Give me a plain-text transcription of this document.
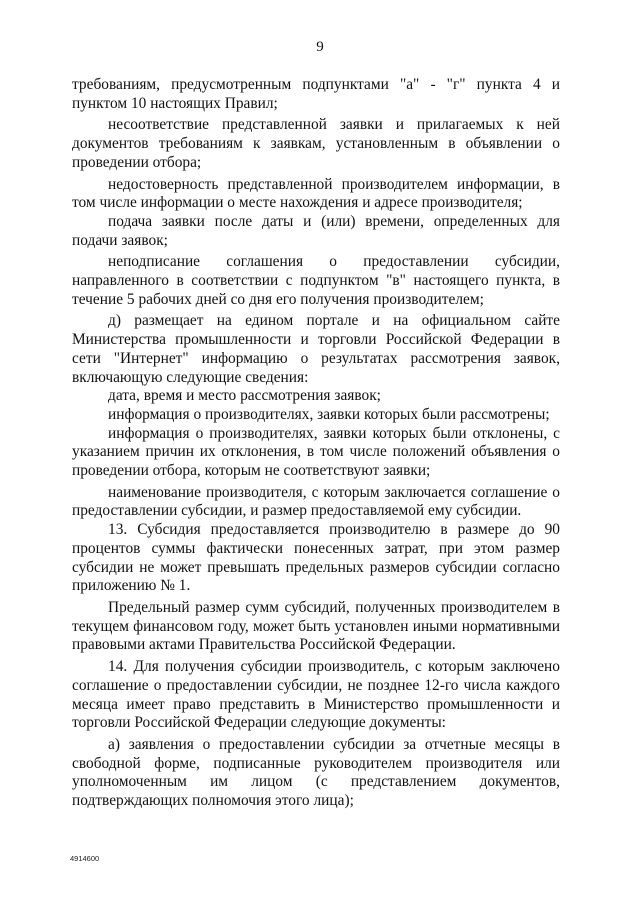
9

требованиям, предусмотренным подпунктами "а" - "г" пункта 4 и пунктом 10 настоящих Правил;

несоответствие представленной заявки и прилагаемых к ней документов требованиям к заявкам, установленным в объявлении о проведении отбора;

недостоверность представленной производителем информации, в том числе информации о месте нахождения и адресе производителя;

подача заявки после даты и (или) времени, определенных для подачи заявок;

неподписание соглашения о предоставлении субсидии, направленного в соответствии с подпунктом "в" настоящего пункта, в течение 5 рабочих дней со дня его получения производителем;

д) размещает на едином портале и на официальном сайте Министерства промышленности и торговли Российской Федерации в сети "Интернет" информацию о результатах рассмотрения заявок, включающую следующие сведения:

дата, время и место рассмотрения заявок;

информация о производителях, заявки которых были рассмотрены;

информация о производителях, заявки которых были отклонены, с указанием причин их отклонения, в том числе положений объявления о проведении отбора, которым не соответствуют заявки;

наименование производителя, с которым заключается соглашение о предоставлении субсидии, и размер предоставляемой ему субсидии.

13. Субсидия предоставляется производителю в размере до 90 процентов суммы фактически понесенных затрат, при этом размер субсидии не может превышать предельных размеров субсидии согласно приложению № 1.

Предельный размер сумм субсидий, полученных производителем в текущем финансовом году, может быть установлен иными нормативными правовыми актами Правительства Российской Федерации.

14. Для получения субсидии производитель, с которым заключено соглашение о предоставлении субсидии, не позднее 12-го числа каждого месяца имеет право представить в Министерство промышленности и торговли Российской Федерации следующие документы:

а) заявления о предоставлении субсидии за отчетные месяцы в свободной форме, подписанные руководителем производителя или уполномоченным им лицом (с представлением документов, подтверждающих полномочия этого лица);

4914600
